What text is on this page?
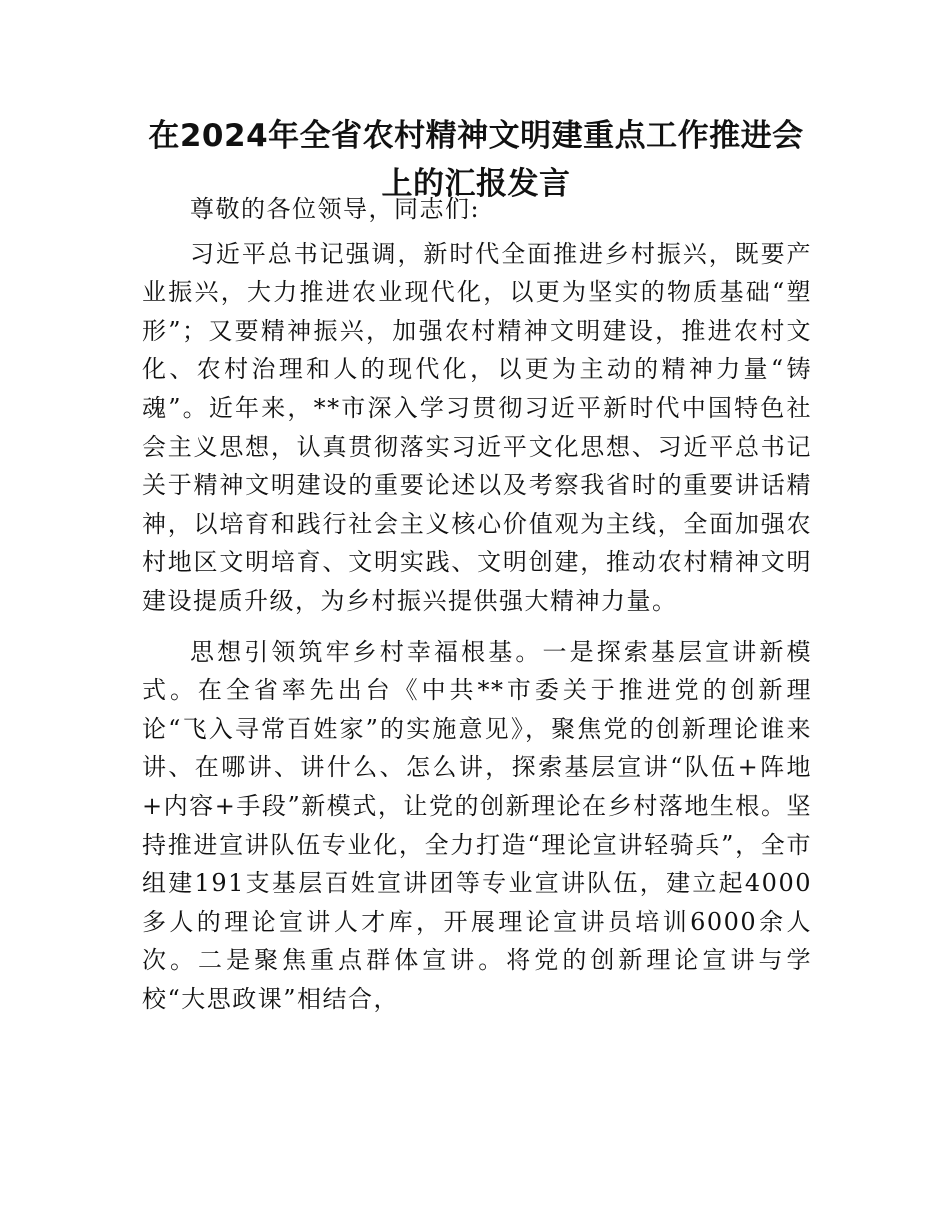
在2024年全省农村精神文明建重点工作推进会上的汇报发言

尊敬的各位领导，同志们:

习近平总书记强调，新时代全面推进乡村振兴，既要产业振兴，大力推进农业现代化，以更为坚实的物质基础“塑形”；又要精神振兴，加强农村精神文明建设，推进农村文化、农村治理和人的现代化，以更为主动的精神力量“铸魂”。近年来，**市深入学习贯彻习近平新时代中国特色社会主义思想，认真贯彻落实习近平文化思想、习近平总书记关于精神文明建设的重要论述以及考察我省时的重要讲话精神，以培育和践行社会主义核心价值观为主线，全面加强农村地区文明培育、文明实践、文明创建，推动农村精神文明建设提质升级，为乡村振兴提供强大精神力量。

思想引领筑牢乡村幸福根基。一是探索基层宣讲新模式。在全省率先出台《中共**市委关于推进党的创新理论“飞入寻常百姓家”的实施意见》，聚焦党的创新理论谁来讲、在哪讲、讲什么、怎么讲，探索基层宣讲“队伍+阵地+内容+手段”新模式，让党的创新理论在乡村落地生根。坚持推进宣讲队伍专业化，全力打造“理论宣讲轻骑兵”，全市组建191支基层百姓宣讲团等专业宣讲队伍，建立起4000多人的理论宣讲人才库，开展理论宣讲员培训6000余人次。二是聚焦重点群体宣讲。将党的创新理论宣讲与学校“大思政课”相结合，
